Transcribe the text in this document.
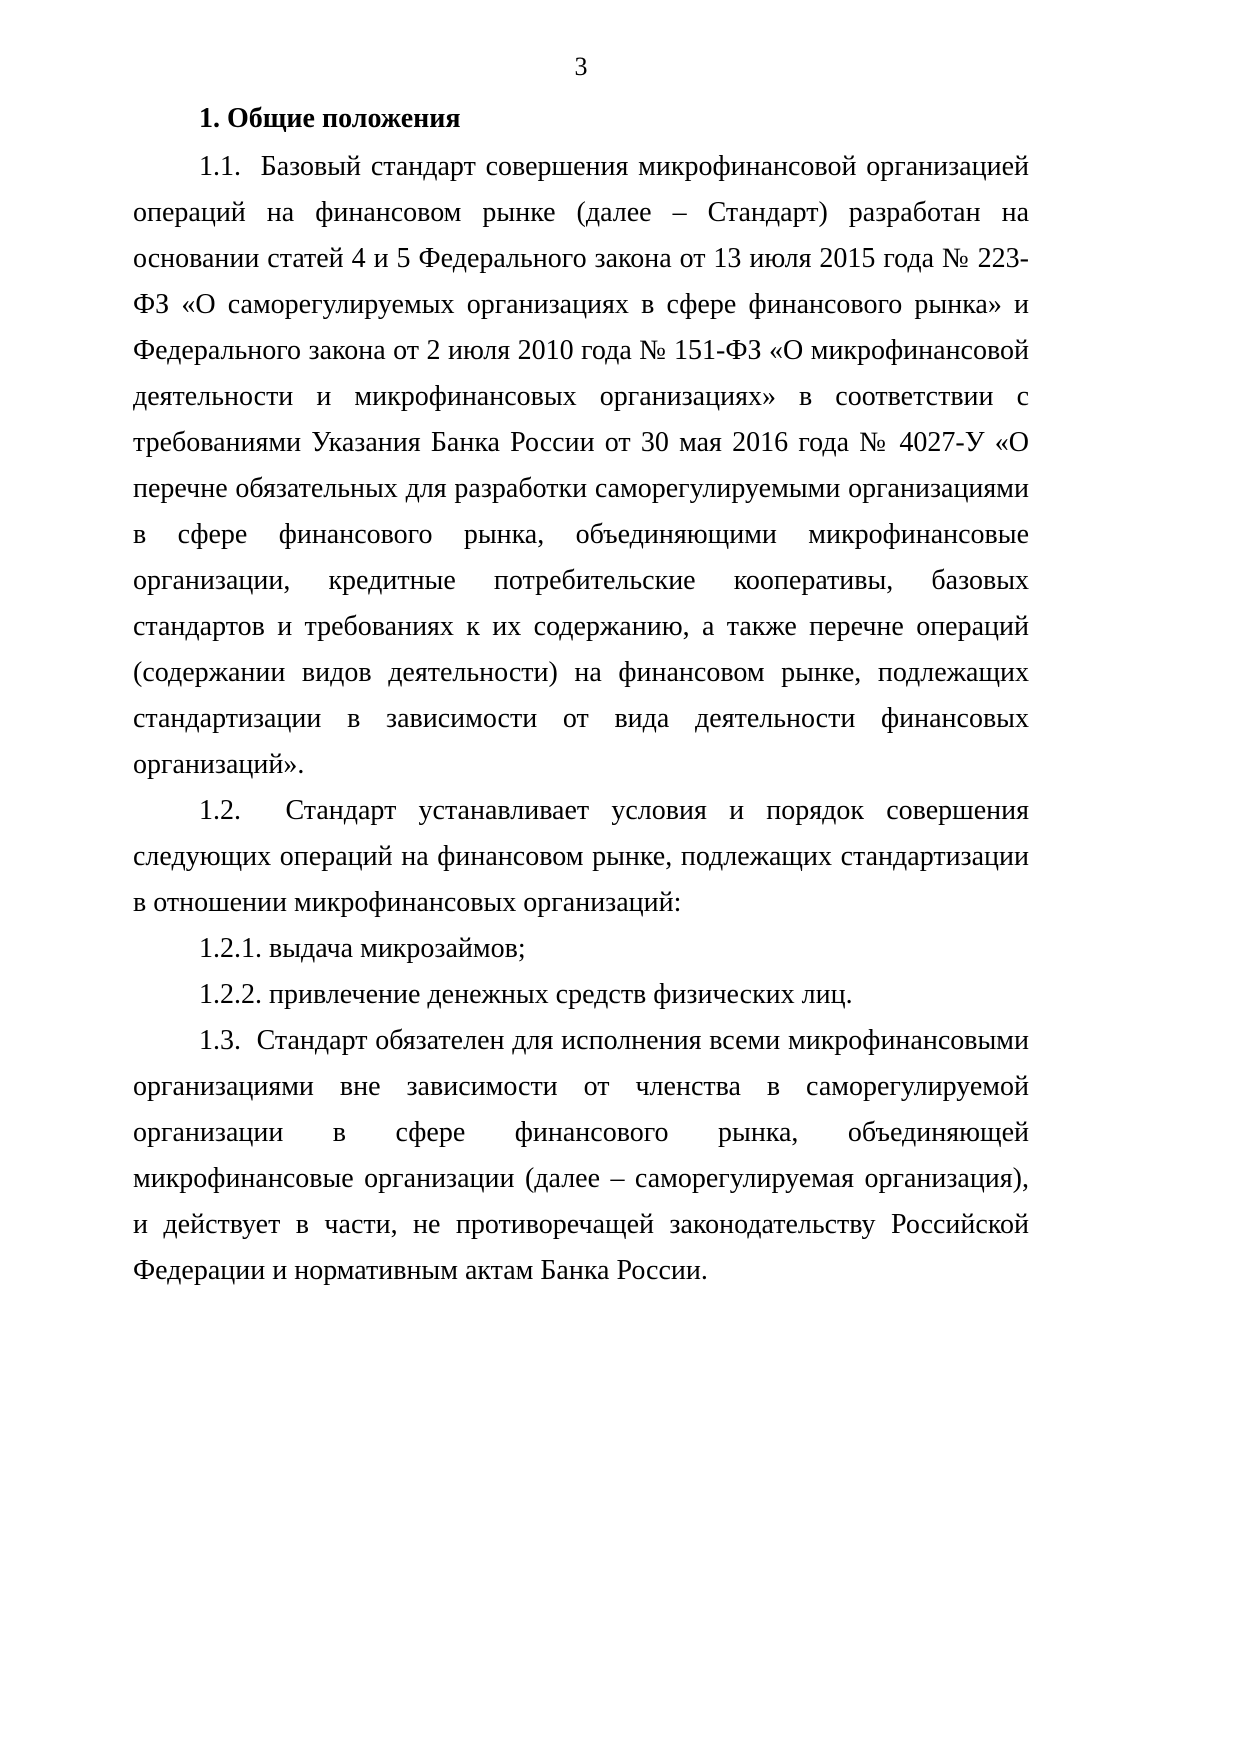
3
1. Общие положения

1.1.  Базовый стандарт совершения микрофинансовой организацией операций на финансовом рынке (далее – Стандарт) разработан на основании статей 4 и 5 Федерального закона от 13 июля 2015 года № 223-ФЗ «О саморегулируемых организациях в сфере финансового рынка» и Федерального закона от 2 июля 2010 года № 151-ФЗ «О микрофинансовой деятельности и микрофинансовых организациях» в соответствии с требованиями Указания Банка России от 30 мая 2016 года № 4027-У «О перечне обязательных для разработки саморегулируемыми организациями в сфере финансового рынка, объединяющими микрофинансовые организации, кредитные потребительские кооперативы, базовых стандартов и требованиях к их содержанию, а также перечне операций (содержании видов деятельности) на финансовом рынке, подлежащих стандартизации в зависимости от вида деятельности финансовых организаций».

1.2.  Стандарт устанавливает условия и порядок совершения следующих операций на финансовом рынке, подлежащих стандартизации в отношении микрофинансовых организаций:

1.2.1. выдача микрозаймов;

1.2.2. привлечение денежных средств физических лиц.

1.3.  Стандарт обязателен для исполнения всеми микрофинансовыми организациями вне зависимости от членства в саморегулируемой организации в сфере финансового рынка, объединяющей микрофинансовые организации (далее – саморегулируемая организация), и действует в части, не противоречащей законодательству Российской Федерации и нормативным актам Банка России.
